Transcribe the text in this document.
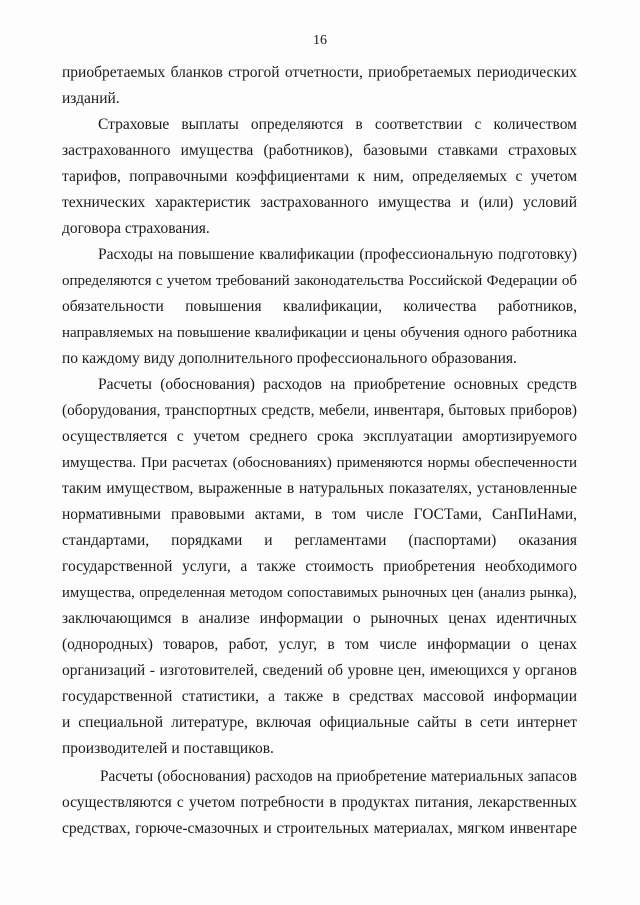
16
приобретаемых бланков строгой отчетности, приобретаемых периодических
изданий.
Страховые выплаты определяются в соответствии с количеством
застрахованного имущества (работников), базовыми ставками страховых
тарифов, поправочными коэффициентами к ним, определяемых с учетом
технических характеристик застрахованного имущества и (или) условий
договора страхования.
Расходы на повышение квалификации (профессиональную подготовку)
определяются с учетом требований законодательства Российской Федерации об
обязательности повышения квалификации, количества работников,
направляемых на повышение квалификации и цены обучения одного работника
по каждому виду дополнительного профессионального образования.
Расчеты (обоснования) расходов на приобретение основных средств
(оборудования, транспортных средств, мебели, инвентаря, бытовых приборов)
осуществляется с учетом среднего срока эксплуатации амортизируемого
имущества. При расчетах (обоснованиях) применяются нормы обеспеченности
таким имуществом, выраженные в натуральных показателях, установленные
нормативными правовыми актами, в том числе ГОСТами, СанПиНами,
стандартами, порядками и регламентами (паспортами) оказания
государственной услуги, а также стоимость приобретения необходимого
имущества, определенная методом сопоставимых рыночных цен (анализ рынка),
заключающимся в анализе информации о рыночных ценах идентичных
(однородных) товаров, работ, услуг, в том числе информации о ценах
организаций - изготовителей, сведений об уровне цен, имеющихся у органов
государственной статистики, а также в средствах массовой информации
и специальной литературе, включая официальные сайты в сети интернет
производителей и поставщиков.
Расчеты (обоснования) расходов на приобретение материальных запасов
осуществляются с учетом потребности в продуктах питания, лекарственных
средствах, горюче-смазочных и строительных материалах, мягком инвентаре
